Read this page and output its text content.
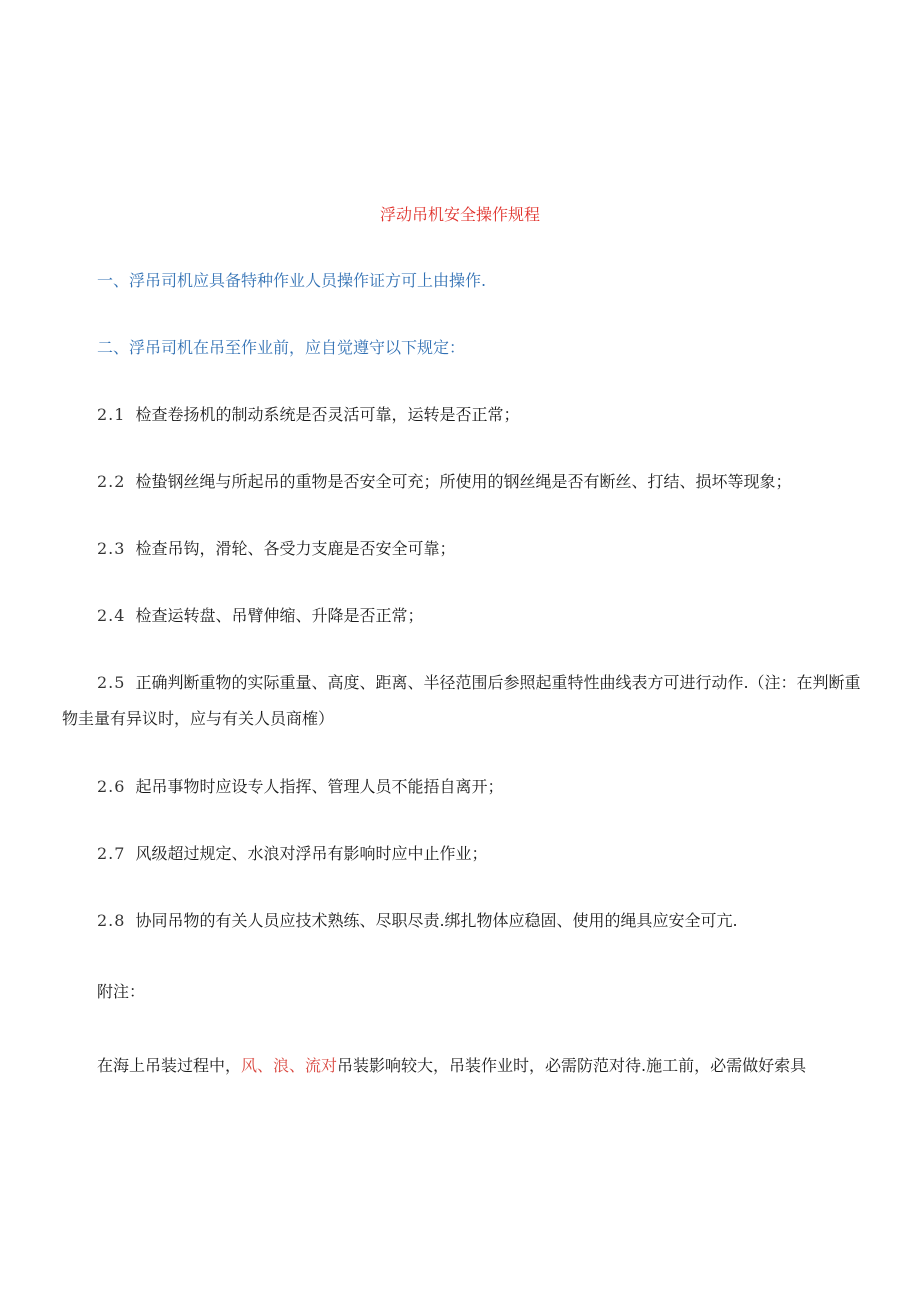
浮动吊机安全操作规程
一、浮吊司机应具备特种作业人员操作证方可上由操作.
二、浮吊司机在吊至作业前，应自觉遵守以下规定：
2.1 检查卷扬机的制动系统是否灵活可靠，运转是否正常；
2.2 检蛰钢丝绳与所起吊的重物是否安全可充；所使用的钢丝绳是否有断丝、打结、损坏等现象；
2.3 检查吊钩，滑轮、各受力支鹿是否安全可靠；
2.4 检查运转盘、吊臂伸缩、升降是否正常；
2.5 正确判断重物的实际重量、高度、距离、半径范围后参照起重特性曲线表方可进行动作.（注：在判断重物圭量有异议时，应与有关人员商榷）
2.6 起吊事物时应设专人指挥、管理人员不能捂自离开；
2.7 风级超过规定、水浪对浮吊有影响时应中止作业；
2.8 协同吊物的有关人员应技术熟练、尽职尽责.绑扎物体应稳固、使用的绳具应安全可亢.
附注：
在海上吊装过程中，风、浪、流对吊装影响较大，吊装作业时，必需防范对待.施工前，必需做好索具
